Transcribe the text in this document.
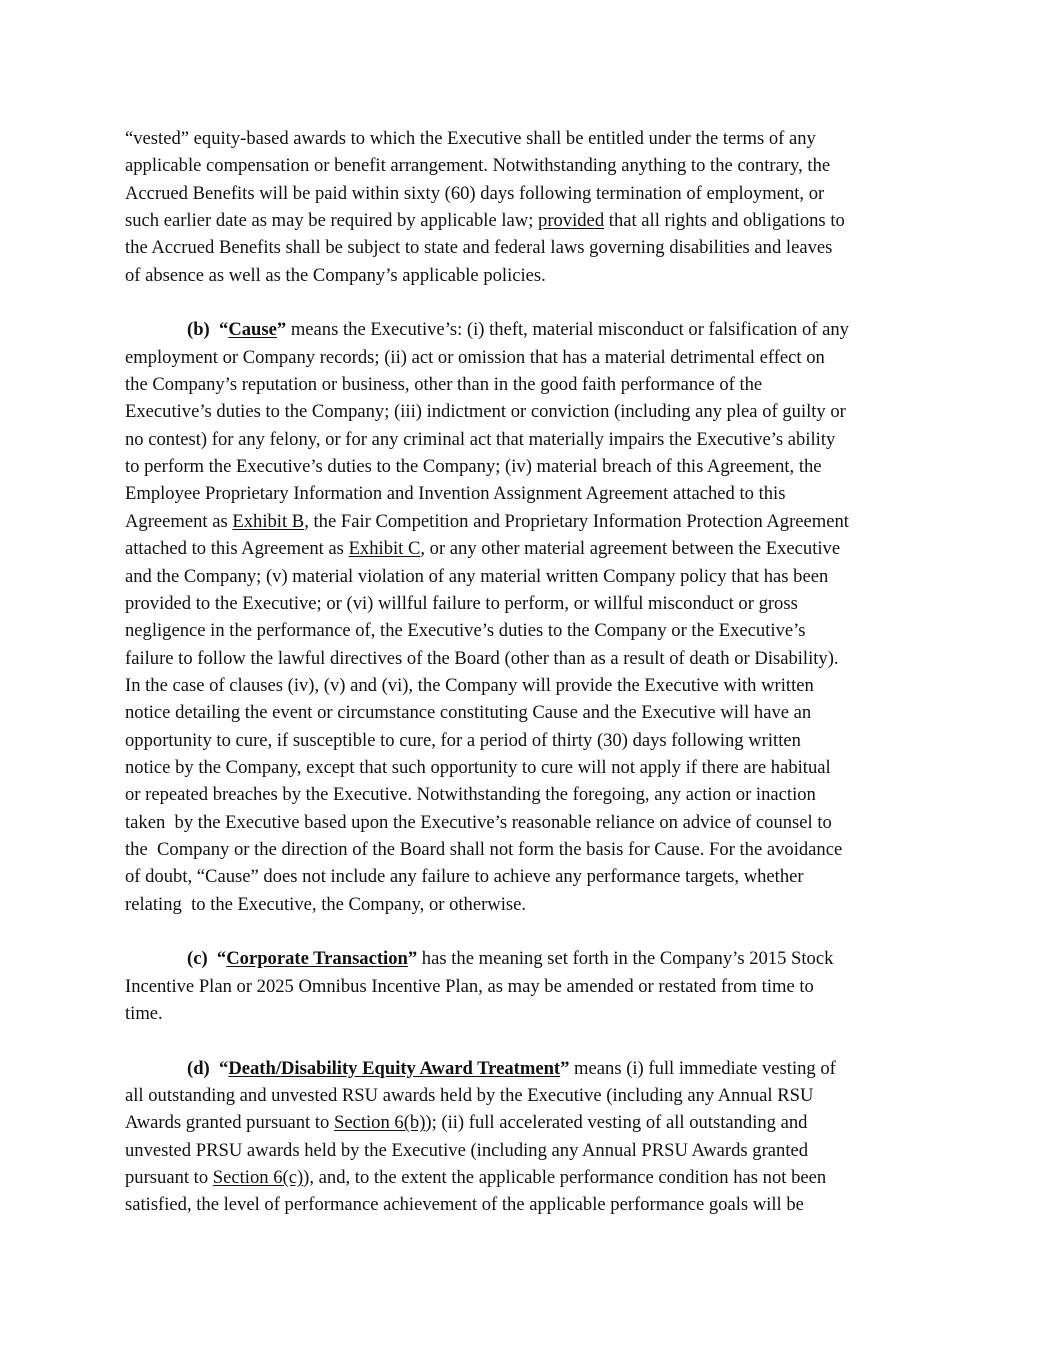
“vested” equity-based awards to which the Executive shall be entitled under the terms of any
applicable compensation or benefit arrangement. Notwithstanding anything to the contrary, the
Accrued Benefits will be paid within sixty (60) days following termination of employment, or
such earlier date as may be required by applicable law; provided that all rights and obligations to
the Accrued Benefits shall be subject to state and federal laws governing disabilities and leaves
of absence as well as the Company’s applicable policies.
(b)  “Cause” means the Executive’s: (i) theft, material misconduct or falsification of any
employment or Company records; (ii) act or omission that has a material detrimental effect on
the Company’s reputation or business, other than in the good faith performance of the
Executive’s duties to the Company; (iii) indictment or conviction (including any plea of guilty or
no contest) for any felony, or for any criminal act that materially impairs the Executive’s ability
to perform the Executive’s duties to the Company; (iv) material breach of this Agreement, the
Employee Proprietary Information and Invention Assignment Agreement attached to this
Agreement as Exhibit B, the Fair Competition and Proprietary Information Protection Agreement
attached to this Agreement as Exhibit C, or any other material agreement between the Executive
and the Company; (v) material violation of any material written Company policy that has been
provided to the Executive; or (vi) willful failure to perform, or willful misconduct or gross
negligence in the performance of, the Executive’s duties to the Company or the Executive’s
failure to follow the lawful directives of the Board (other than as a result of death or Disability).
In the case of clauses (iv), (v) and (vi), the Company will provide the Executive with written
notice detailing the event or circumstance constituting Cause and the Executive will have an
opportunity to cure, if susceptible to cure, for a period of thirty (30) days following written
notice by the Company, except that such opportunity to cure will not apply if there are habitual
or repeated breaches by the Executive. Notwithstanding the foregoing, any action or inaction
taken  by the Executive based upon the Executive’s reasonable reliance on advice of counsel to
the  Company or the direction of the Board shall not form the basis for Cause. For the avoidance
of doubt, “Cause” does not include any failure to achieve any performance targets, whether
relating  to the Executive, the Company, or otherwise.
(c)  “Corporate Transaction” has the meaning set forth in the Company’s 2015 Stock
Incentive Plan or 2025 Omnibus Incentive Plan, as may be amended or restated from time to
time.
(d)  “Death/Disability Equity Award Treatment” means (i) full immediate vesting of
all outstanding and unvested RSU awards held by the Executive (including any Annual RSU
Awards granted pursuant to Section 6(b)); (ii) full accelerated vesting of all outstanding and
unvested PRSU awards held by the Executive (including any Annual PRSU Awards granted
pursuant to Section 6(c)), and, to the extent the applicable performance condition has not been
satisfied, the level of performance achievement of the applicable performance goals will be
